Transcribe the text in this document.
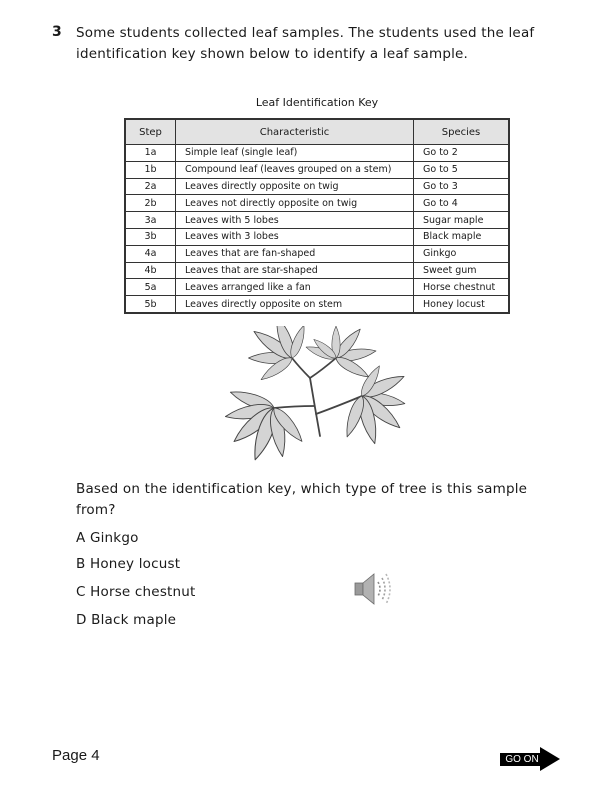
3 Some students collected leaf samples. The students used the leaf identification key shown below to identify a leaf sample.
Leaf Identification Key
Step	Characteristic	Species
1a	Simple leaf (single leaf)	Go to 2
1b	Compound leaf (leaves grouped on a stem)	Go to 5
2a	Leaves directly opposite on twig	Go to 3
2b	Leaves not directly opposite on twig	Go to 4
3a	Leaves with 5 lobes	Sugar maple
3b	Leaves with 3 lobes	Black maple
4a	Leaves that are fan-shaped	Ginkgo
4b	Leaves that are star-shaped	Sweet gum
5a	Leaves arranged like a fan	Horse chestnut
5b	Leaves directly opposite on stem	Honey locust
Based on the identification key, which type of tree is this sample from?
A Ginkgo
B Honey locust
C Horse chestnut
D Black maple
Page 4	GO ON
